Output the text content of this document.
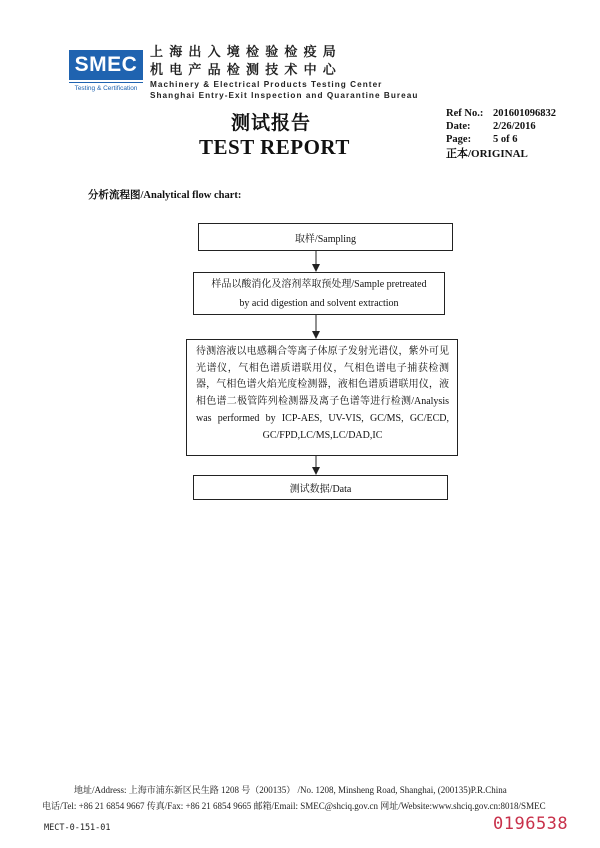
SMEC
Testing & Certification
上海出入境检验检疫局
机电产品检测技术中心
Machinery & Electrical Products Testing Center
Shanghai Entry-Exit Inspection and Quarantine Bureau
测试报告
TEST REPORT
Ref No.: 201601096832
Date: 2/26/2016
Page: 5 of 6
正本/ORIGINAL
分析流程图/Analytical flow chart:
取样/Sampling
样品以酸消化及溶剂萃取预处理/Sample pretreated
by acid digestion and solvent extraction
待测溶液以电感耦合等离子体原子发射光谱仪，紫外可见光谱仪，气相色谱质谱联用仪，气相色谱电子捕获检测器，气相色谱火焰光度检测器，液相色谱质谱联用仪，液相色谱二极管阵列检测器及离子色谱等进行检测/Analysis was performed by ICP-AES, UV-VIS, GC/MS, GC/ECD, GC/FPD,LC/MS,LC/DAD,IC
测试数据/Data
地址/Address: 上海市浦东新区民生路 1208 号（200135） /No. 1208, Minsheng Road, Shanghai, (200135)P.R.China
电话/Tel: +86 21 6854 9667 传真/Fax: +86 21 6854 9665 邮箱/Email: SMEC@shciq.gov.cn 网址/Website:www.shciq.gov.cn:8018/SMEC
MECT-0-151-01	0196538
